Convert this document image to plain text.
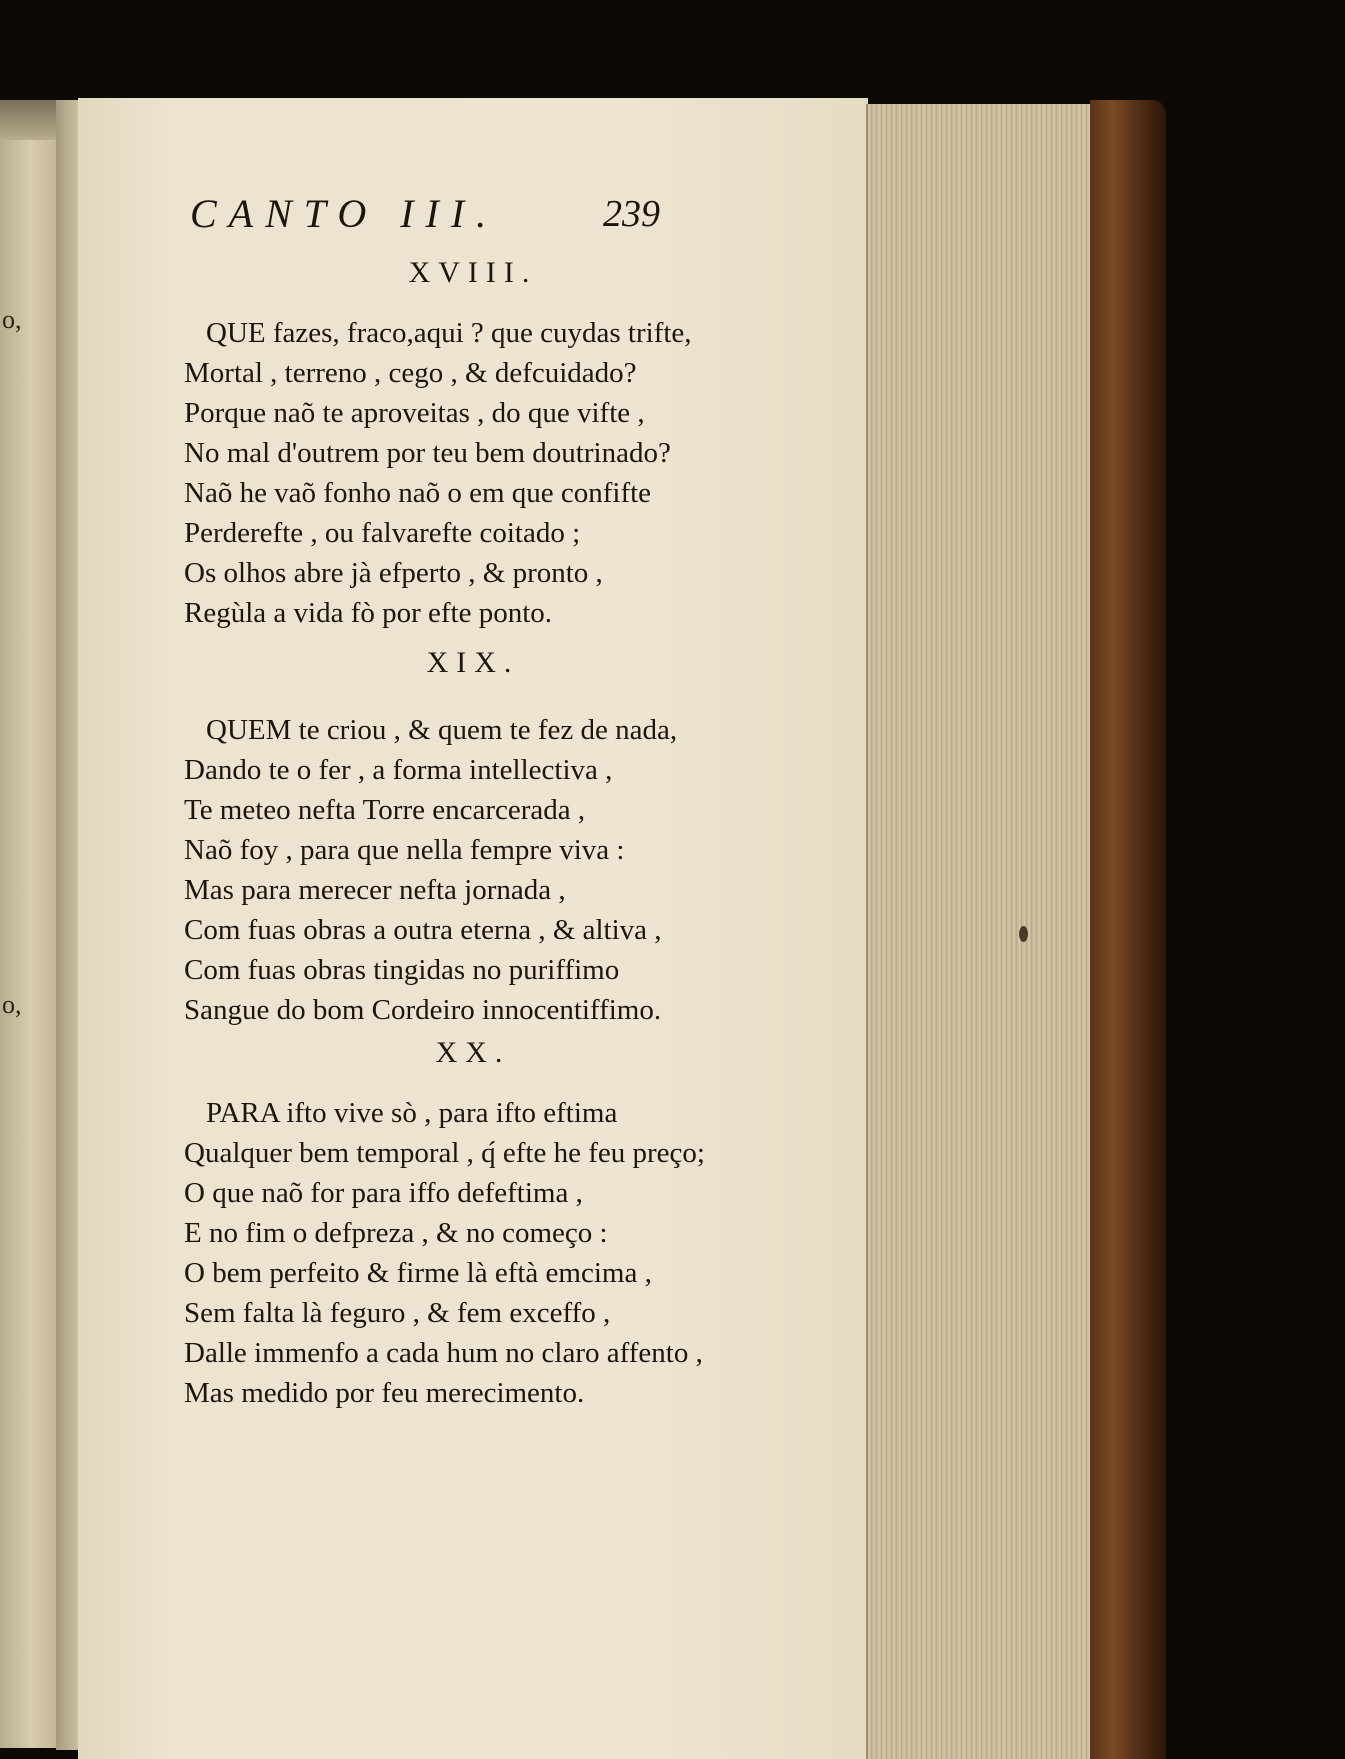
o,
o,
CANTO III.	239
XVIII.
QUE fazes, fraco,aqui ? que cuydas trifte,
Mortal , terreno , cego , & defcuidado?
Porque naõ te aproveitas , do que vifte ,
No mal d'outrem por teu bem doutrinado?
Naõ he vaõ fonho naõ o em que confifte
Perderefte , ou falvarefte coitado ;
Os olhos abre jà efperto , & pronto ,
Regùla a vida fò por efte ponto.
XIX.
QUEM te criou , & quem te fez de nada,
Dando te o fer , a forma intellectiva ,
Te meteo nefta Torre encarcerada ,
Naõ foy , para que nella fempre viva :
Mas para merecer nefta jornada ,
Com fuas obras a outra eterna , & altiva ,
Com fuas obras tingidas no puriffimo
Sangue do bom Cordeiro innocentiffimo.
XX.
PARA ifto vive sò , para ifto eftima
Qualquer bem temporal , q́ efte he feu preço;
O que naõ for para iffo defeftima ,
E no fim o defpreza , & no começo :
O bem perfeito & firme là eftà emcima ,
Sem falta là feguro , & fem exceffo ,
Dalle immenfo a cada hum no claro affento ,
Mas medido por feu merecimento.
